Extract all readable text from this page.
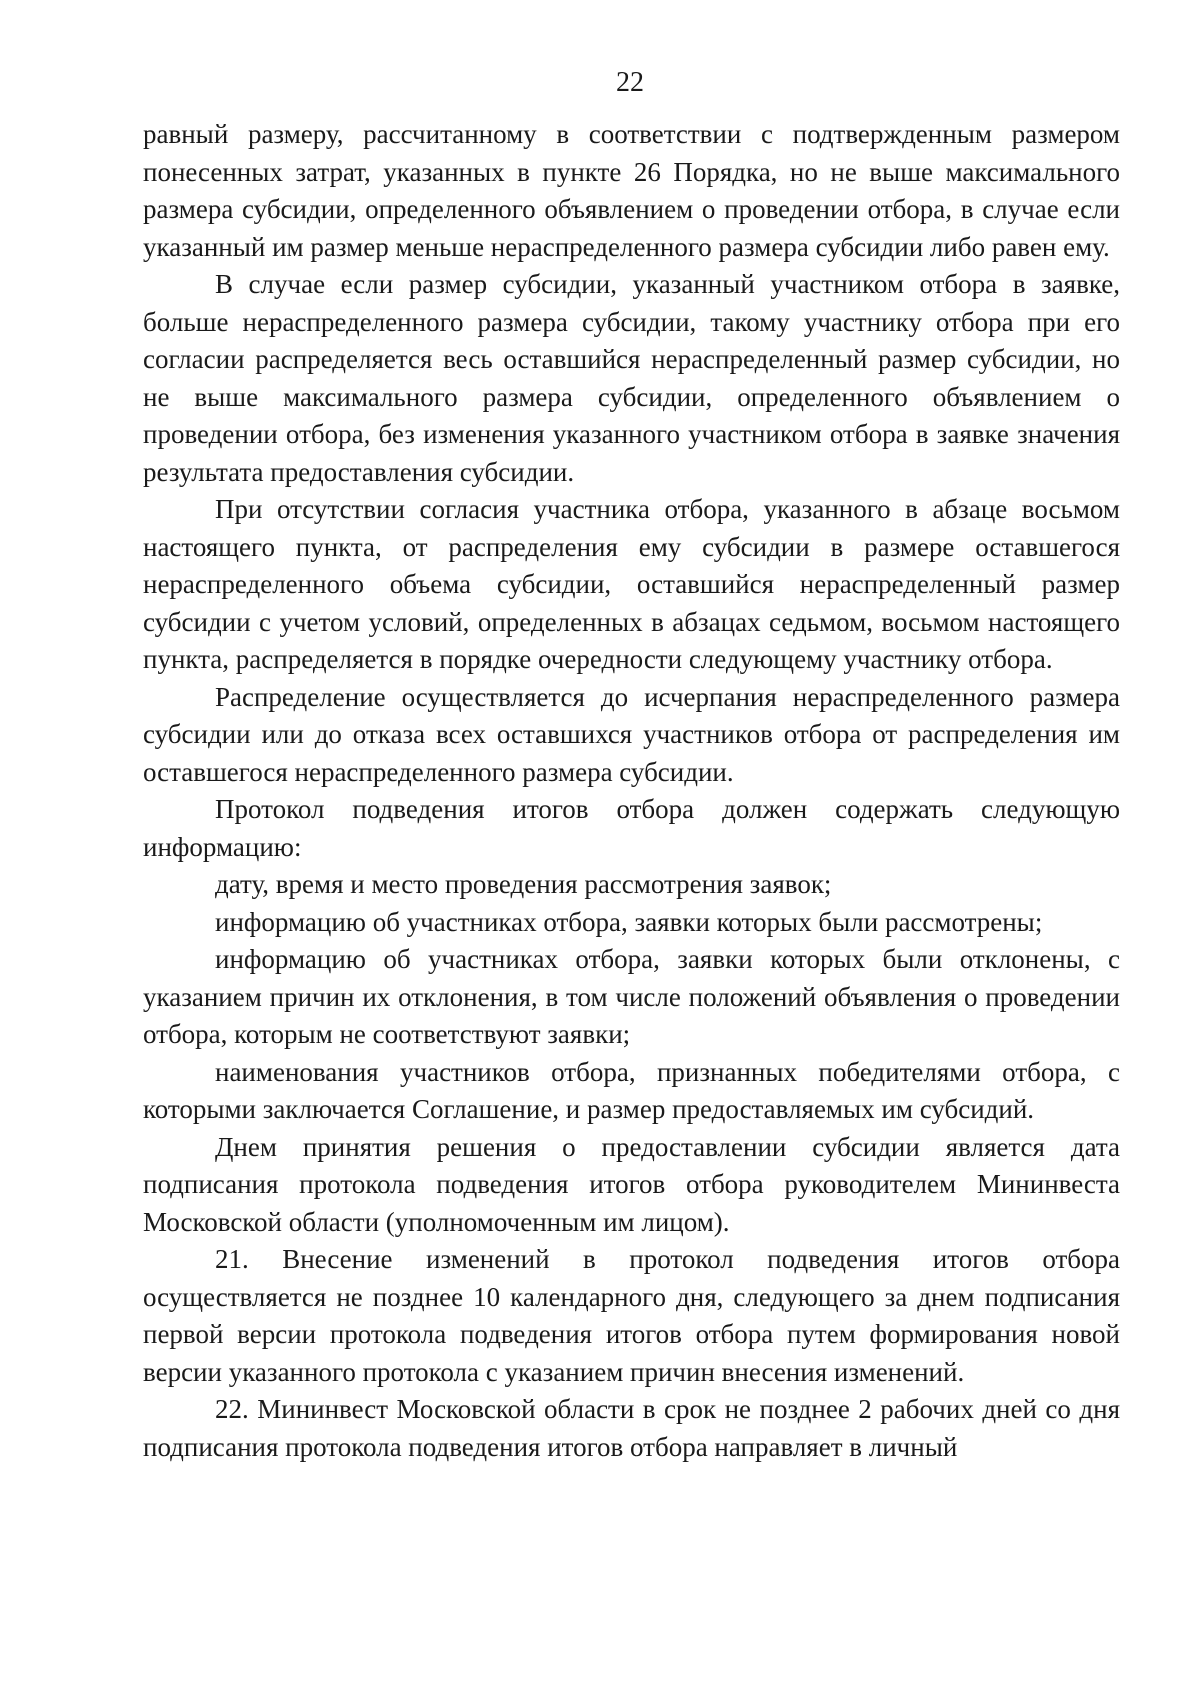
22

равный размеру, рассчитанному в соответствии с подтвержденным размером понесенных затрат, указанных в пункте 26 Порядка, но не выше максимального размера субсидии, определенного объявлением о проведении отбора, в случае если указанный им размер меньше нераспределенного размера субсидии либо равен ему.

В случае если размер субсидии, указанный участником отбора в заявке, больше нераспределенного размера субсидии, такому участнику отбора при его согласии распределяется весь оставшийся нераспределенный размер субсидии, но не выше максимального размера субсидии, определенного объявлением о проведении отбора, без изменения указанного участником отбора в заявке значения результата предоставления субсидии.

При отсутствии согласия участника отбора, указанного в абзаце восьмом настоящего пункта, от распределения ему субсидии в размере оставшегося нераспределенного объема субсидии, оставшийся нераспределенный размер субсидии с учетом условий, определенных в абзацах седьмом, восьмом настоящего пункта, распределяется в порядке очередности следующему участнику отбора.

Распределение осуществляется до исчерпания нераспределенного размера субсидии или до отказа всех оставшихся участников отбора от распределения им оставшегося нераспределенного размера субсидии.

Протокол подведения итогов отбора должен содержать следующую информацию:

дату, время и место проведения рассмотрения заявок;

информацию об участниках отбора, заявки которых были рассмотрены;

информацию об участниках отбора, заявки которых были отклонены, с указанием причин их отклонения, в том числе положений объявления о проведении отбора, которым не соответствуют заявки;

наименования участников отбора, признанных победителями отбора, с которыми заключается Соглашение, и размер предоставляемых им субсидий.

Днем принятия решения о предоставлении субсидии является дата подписания протокола подведения итогов отбора руководителем Мининвеста Московской области (уполномоченным им лицом).

21. Внесение изменений в протокол подведения итогов отбора осуществляется не позднее 10 календарного дня, следующего за днем подписания первой версии протокола подведения итогов отбора путем формирования новой версии указанного протокола с указанием причин внесения изменений.

22. Мининвест Московской области в срок не позднее 2 рабочих дней со дня подписания протокола подведения итогов отбора направляет в личный
